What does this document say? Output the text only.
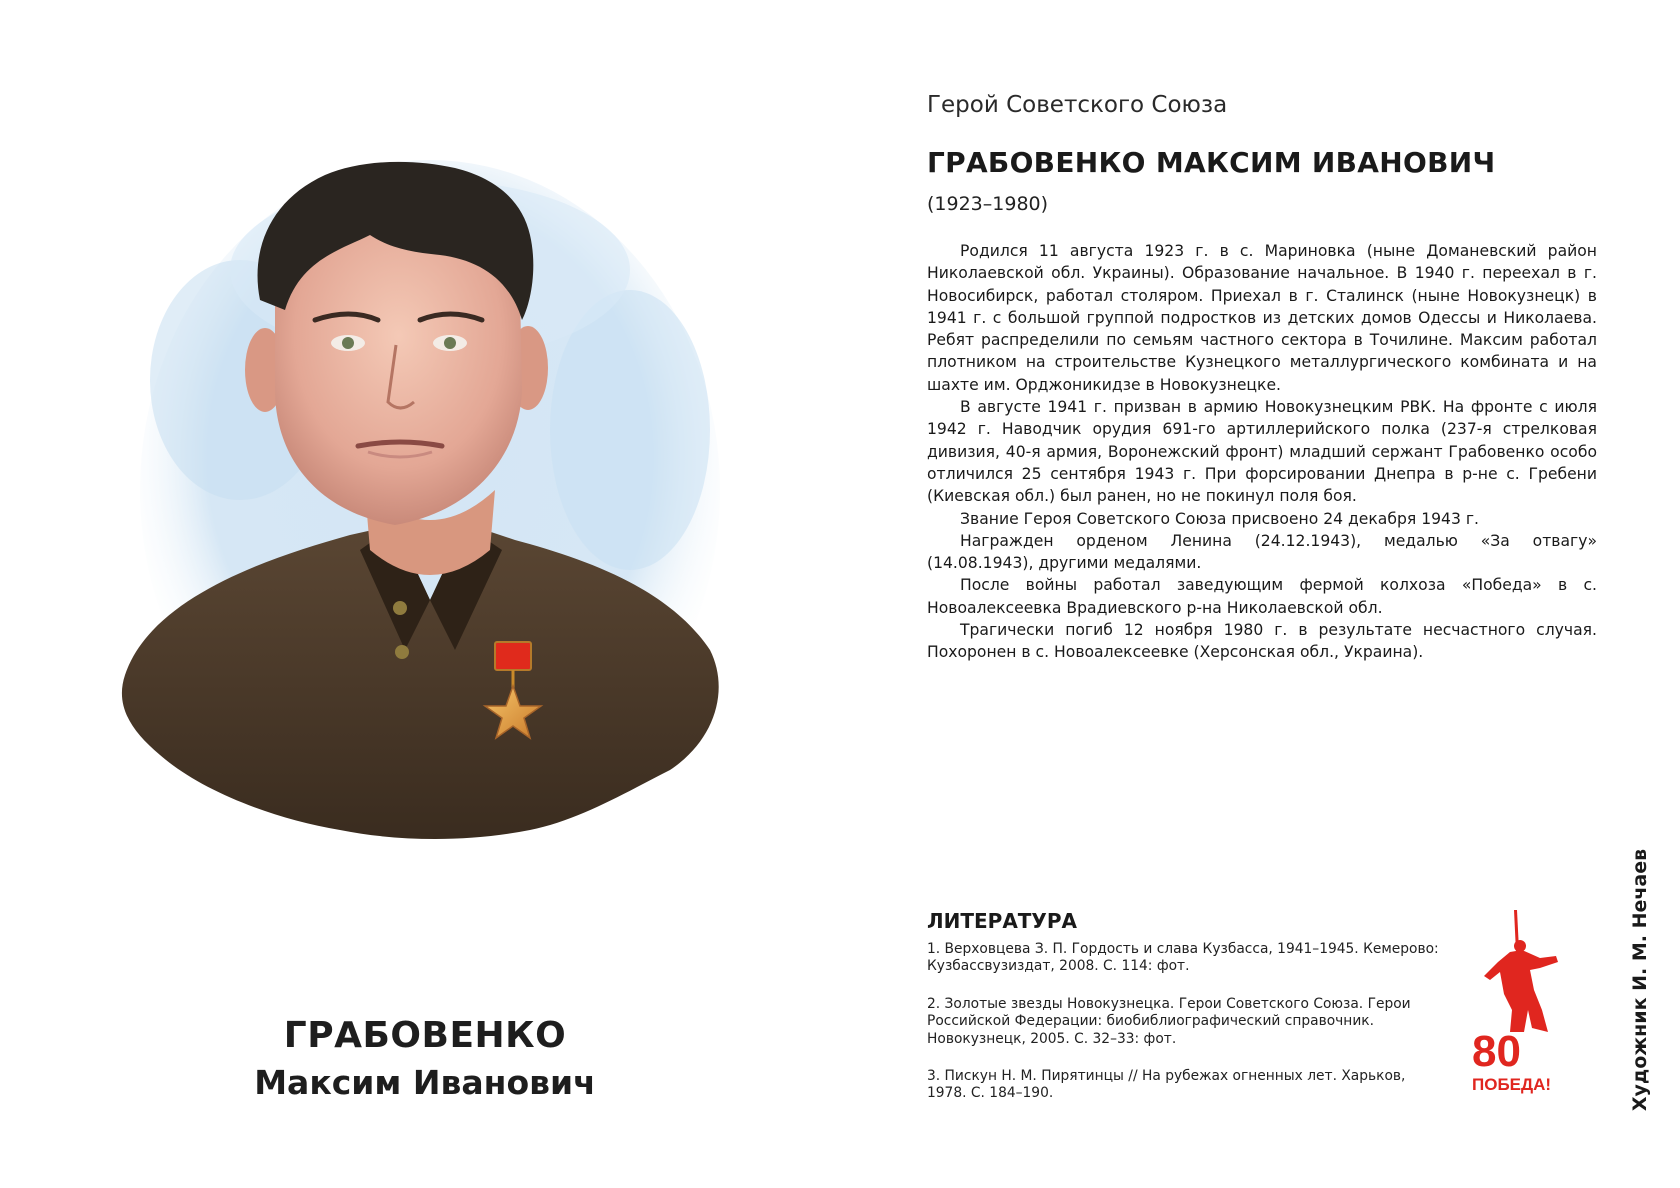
ГРАБОВЕНКО
Максим Иванович
Герой Советского Союза
ГРАБОВЕНКО МАКСИМ ИВАНОВИЧ
(1923–1980)

Родился 11 августа 1923 г. в с. Мариновка (ныне Доманевский район Николаевской обл. Украины). Образование начальное. В 1940 г. переехал в г. Новосибирск, работал столяром. Приехал в г. Сталинск (ныне Новокузнецк) в 1941 г. с большой группой подростков из детских домов Одессы и Николаева. Ребят распределили по семьям частного сектора в Точилине. Максим работал плотником на строительстве Кузнецкого металлургического комбината и на шахте им. Орджоникидзе в Новокузнецке.

В августе 1941 г. призван в армию Новокузнецким РВК. На фронте с июля 1942 г. Наводчик орудия 691-го артиллерийского полка (237-я стрелковая дивизия, 40-я армия, Воронежский фронт) младший сержант Грабовенко особо отличился 25 сентября 1943 г. При форсировании Днепра в р-не с. Гребени (Киевская обл.) был ранен, но не покинул поля боя.

Звание Героя Советского Союза присвоено 24 декабря 1943 г.

Награжден орденом Ленина (24.12.1943), медалью «За отвагу» (14.08.1943), другими медалями.

После войны работал заведующим фермой колхоза «Победа» в с. Новоалексеевка Врадиевского р-на Николаевской обл.

Трагически погиб 12 ноября 1980 г. в результате несчастного случая. Похоронен в с. Новоалексеевке (Херсонская обл., Украина).

ЛИТЕРАТУРА

1. Верховцева З. П. Гордость и слава Кузбасса, 1941–1945. Кемерово: Кузбассвузиздат, 2008. С. 114: фот.

2. Золотые звезды Новокузнецка. Герои Советского Союза. Герои Российской Федерации: биобиблиографический справочник. Новокузнецк, 2005. С. 32–33: фот.

3. Пискун Н. М. Пирятинцы // На рубежах огненных лет. Харьков, 1978. С. 184–190.

80
ПОБЕДА!	Художник И. М. Нечаев
